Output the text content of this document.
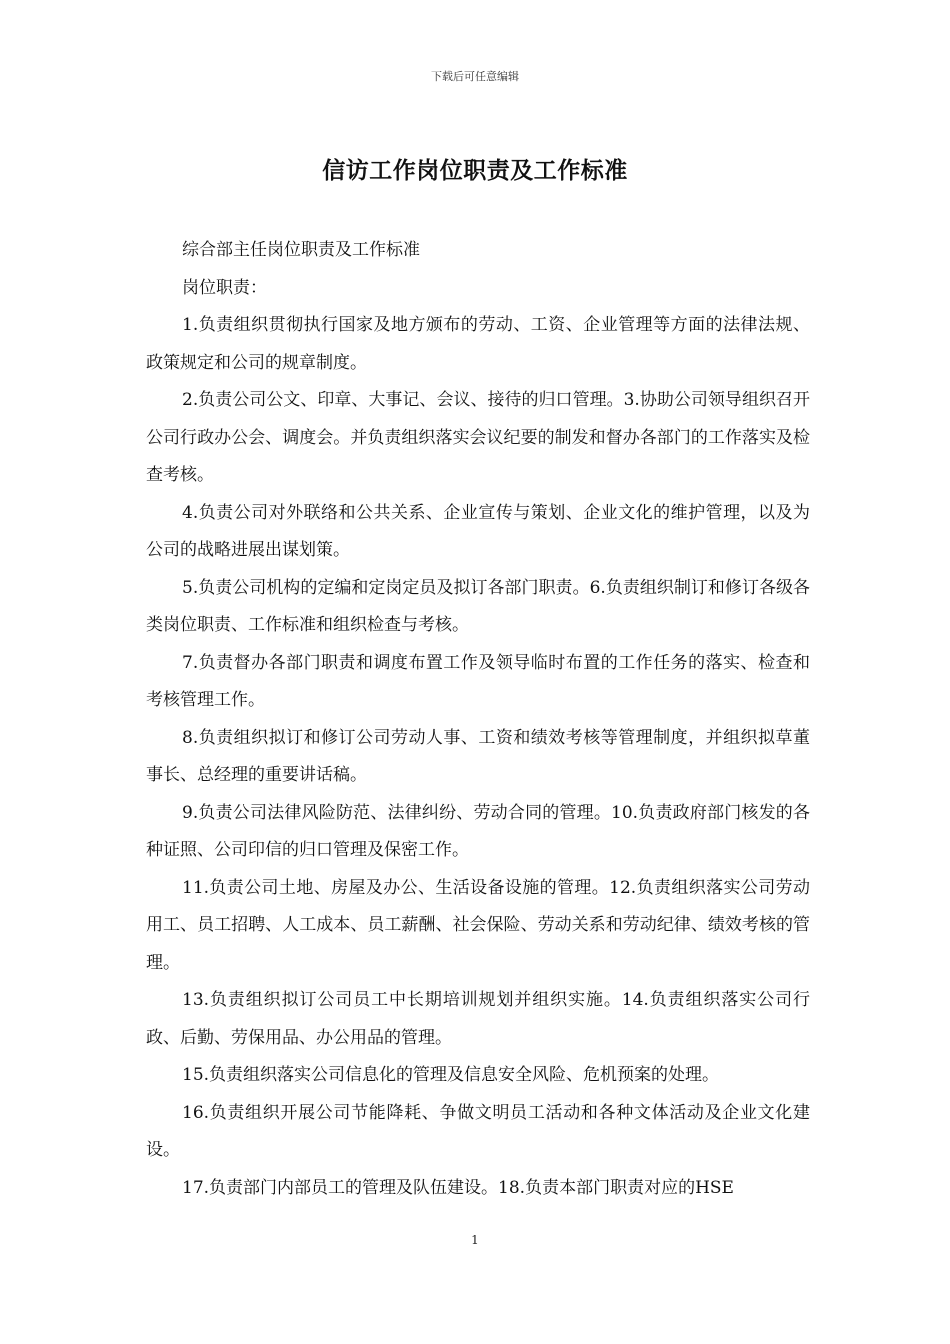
下载后可任意编辑
信访工作岗位职责及工作标准

综合部主任岗位职责及工作标准

岗位职责：

1.负责组织贯彻执行国家及地方颁布的劳动、工资、企业管理等方面的法律法规、政策规定和公司的规章制度。

2.负责公司公文、印章、大事记、会议、接待的归口管理。3.协助公司领导组织召开公司行政办公会、调度会。并负责组织落实会议纪要的制发和督办各部门的工作落实及检查考核。

4.负责公司对外联络和公共关系、企业宣传与策划、企业文化的维护管理，以及为公司的战略进展出谋划策。

5.负责公司机构的定编和定岗定员及拟订各部门职责。6.负责组织制订和修订各级各类岗位职责、工作标准和组织检查与考核。

7.负责督办各部门职责和调度布置工作及领导临时布置的工作任务的落实、检查和考核管理工作。

8.负责组织拟订和修订公司劳动人事、工资和绩效考核等管理制度，并组织拟草董事长、总经理的重要讲话稿。

9.负责公司法律风险防范、法律纠纷、劳动合同的管理。10.负责政府部门核发的各种证照、公司印信的归口管理及保密工作。

11.负责公司土地、房屋及办公、生活设备设施的管理。12.负责组织落实公司劳动用工、员工招聘、人工成本、员工薪酬、社会保险、劳动关系和劳动纪律、绩效考核的管理。

13.负责组织拟订公司员工中长期培训规划并组织实施。14.负责组织落实公司行政、后勤、劳保用品、办公用品的管理。

15.负责组织落实公司信息化的管理及信息安全风险、危机预案的处理。

16.负责组织开展公司节能降耗、争做文明员工活动和各种文体活动及企业文化建设。

17.负责部门内部员工的管理及队伍建设。18.负责本部门职责对应的HSE

1
